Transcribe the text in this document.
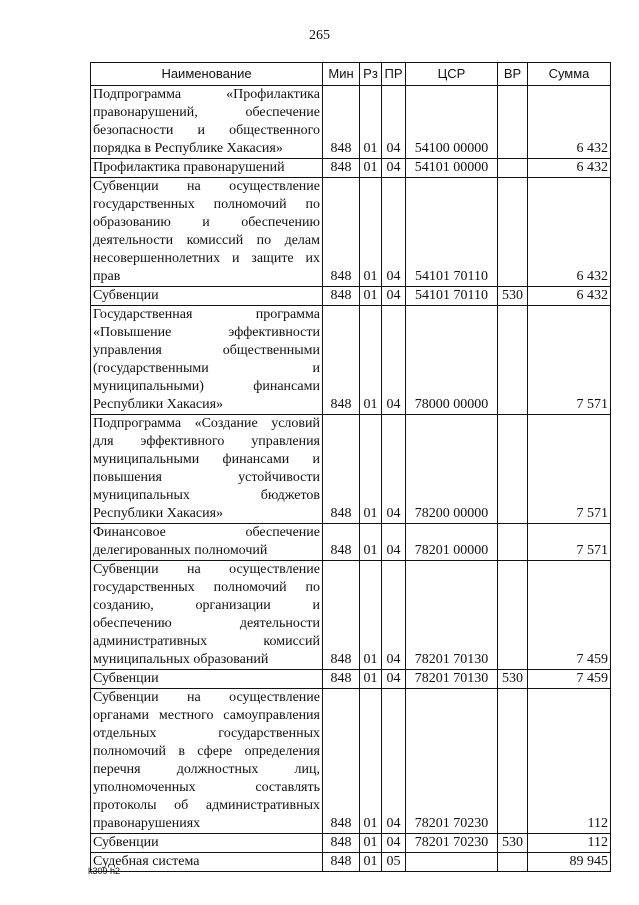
265
Наименование	Мин	Рз	ПР	ЦСР	ВР	Сумма
Подпрограмма «Профилактика правонарушений, обеспечение безопасности и общественного порядка в Республике Хакасия»	848	01	04	54100 00000		6 432
Профилактика правонарушений	848	01	04	54101 00000		6 432
Субвенции на осуществление государственных полномочий по образованию и обеспечению деятельности комиссий по делам несовершеннолетних и защите их прав	848	01	04	54101 70110		6 432
Субвенции	848	01	04	54101 70110	530	6 432
Государственная программа «Повышение эффективности управления общественными (государственными и муниципальными) финансами Республики Хакасия»	848	01	04	78000 00000		7 571
Подпрограмма «Создание условий для эффективного управления муниципальными финансами и повышения устойчивости муниципальных бюджетов Республики Хакасия»	848	01	04	78200 00000		7 571
Финансовое обеспечение делегированных полномочий	848	01	04	78201 00000		7 571
Субвенции на осуществление государственных полномочий по созданию, организации и обеспечению деятельности административных комиссий муниципальных образований	848	01	04	78201 70130		7 459
Субвенции	848	01	04	78201 70130	530	7 459
Субвенции на осуществление органами местного самоуправления отдельных государственных полномочий в сфере определения перечня должностных лиц, уполномоченных составлять протоколы об административных правонарушениях	848	01	04	78201 70230		112
Субвенции	848	01	04	78201 70230	530	112
Судебная система	848	01	05			89 945
k309 h2
